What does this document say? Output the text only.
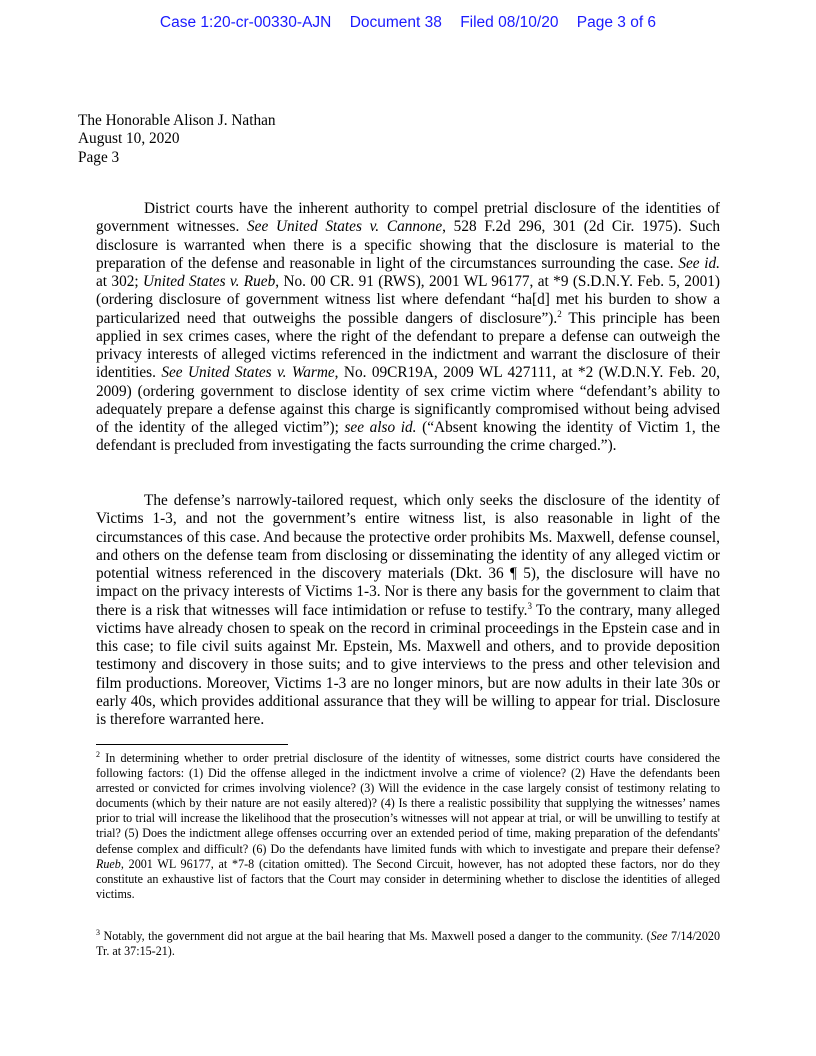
Case 1:20-cr-00330-AJN Document 38 Filed 08/10/20 Page 3 of 6
The Honorable Alison J. Nathan
August 10, 2020
Page 3

District courts have the inherent authority to compel pretrial disclosure of the identities of government witnesses. See United States v. Cannone, 528 F.2d 296, 301 (2d Cir. 1975). Such disclosure is warranted when there is a specific showing that the disclosure is material to the preparation of the defense and reasonable in light of the circumstances surrounding the case. See id. at 302; United States v. Rueb, No. 00 CR. 91 (RWS), 2001 WL 96177, at *9 (S.D.N.Y. Feb. 5, 2001) (ordering disclosure of government witness list where defendant “ha[d] met his burden to show a particularized need that outweighs the possible dangers of disclosure”).$^2$ This principle has been applied in sex crimes cases, where the right of the defendant to prepare a defense can outweigh the privacy interests of alleged victims referenced in the indictment and warrant the disclosure of their identities. See United States v. Warme, No. 09CR19A, 2009 WL 427111, at *2 (W.D.N.Y. Feb. 20, 2009) (ordering government to disclose identity of sex crime victim where “defendant’s ability to adequately prepare a defense against this charge is significantly compromised without being advised of the identity of the alleged victim”); see also id. (“Absent knowing the identity of Victim 1, the defendant is precluded from investigating the facts surrounding the crime charged.”).

The defense’s narrowly-tailored request, which only seeks the disclosure of the identity of Victims 1-3, and not the government’s entire witness list, is also reasonable in light of the circumstances of this case. And because the protective order prohibits Ms. Maxwell, defense counsel, and others on the defense team from disclosing or disseminating the identity of any alleged victim or potential witness referenced in the discovery materials (Dkt. 36 ¶ 5), the disclosure will have no impact on the privacy interests of Victims 1-3. Nor is there any basis for the government to claim that there is a risk that witnesses will face intimidation or refuse to testify.$^3$ To the contrary, many alleged victims have already chosen to speak on the record in criminal proceedings in the Epstein case and in this case; to file civil suits against Mr. Epstein, Ms. Maxwell and others, and to provide deposition testimony and discovery in those suits; and to give interviews to the press and other television and film productions. Moreover, Victims 1-3 are no longer minors, but are now adults in their late 30s or early 40s, which provides additional assurance that they will be willing to appear for trial. Disclosure is therefore warranted here.

$^2$ In determining whether to order pretrial disclosure of the identity of witnesses, some district courts have considered the following factors: (1) Did the offense alleged in the indictment involve a crime of violence? (2) Have the defendants been arrested or convicted for crimes involving violence? (3) Will the evidence in the case largely consist of testimony relating to documents (which by their nature are not easily altered)? (4) Is there a realistic possibility that supplying the witnesses’ names prior to trial will increase the likelihood that the prosecution’s witnesses will not appear at trial, or will be unwilling to testify at trial? (5) Does the indictment allege offenses occurring over an extended period of time, making preparation of the defendants' defense complex and difficult? (6) Do the defendants have limited funds with which to investigate and prepare their defense? Rueb, 2001 WL 96177, at *7-8 (citation omitted). The Second Circuit, however, has not adopted these factors, nor do they constitute an exhaustive list of factors that the Court may consider in determining whether to disclose the identities of alleged victims.
$^3$ Notably, the government did not argue at the bail hearing that Ms. Maxwell posed a danger to the community. (See 7/14/2020 Tr. at 37:15-21).
